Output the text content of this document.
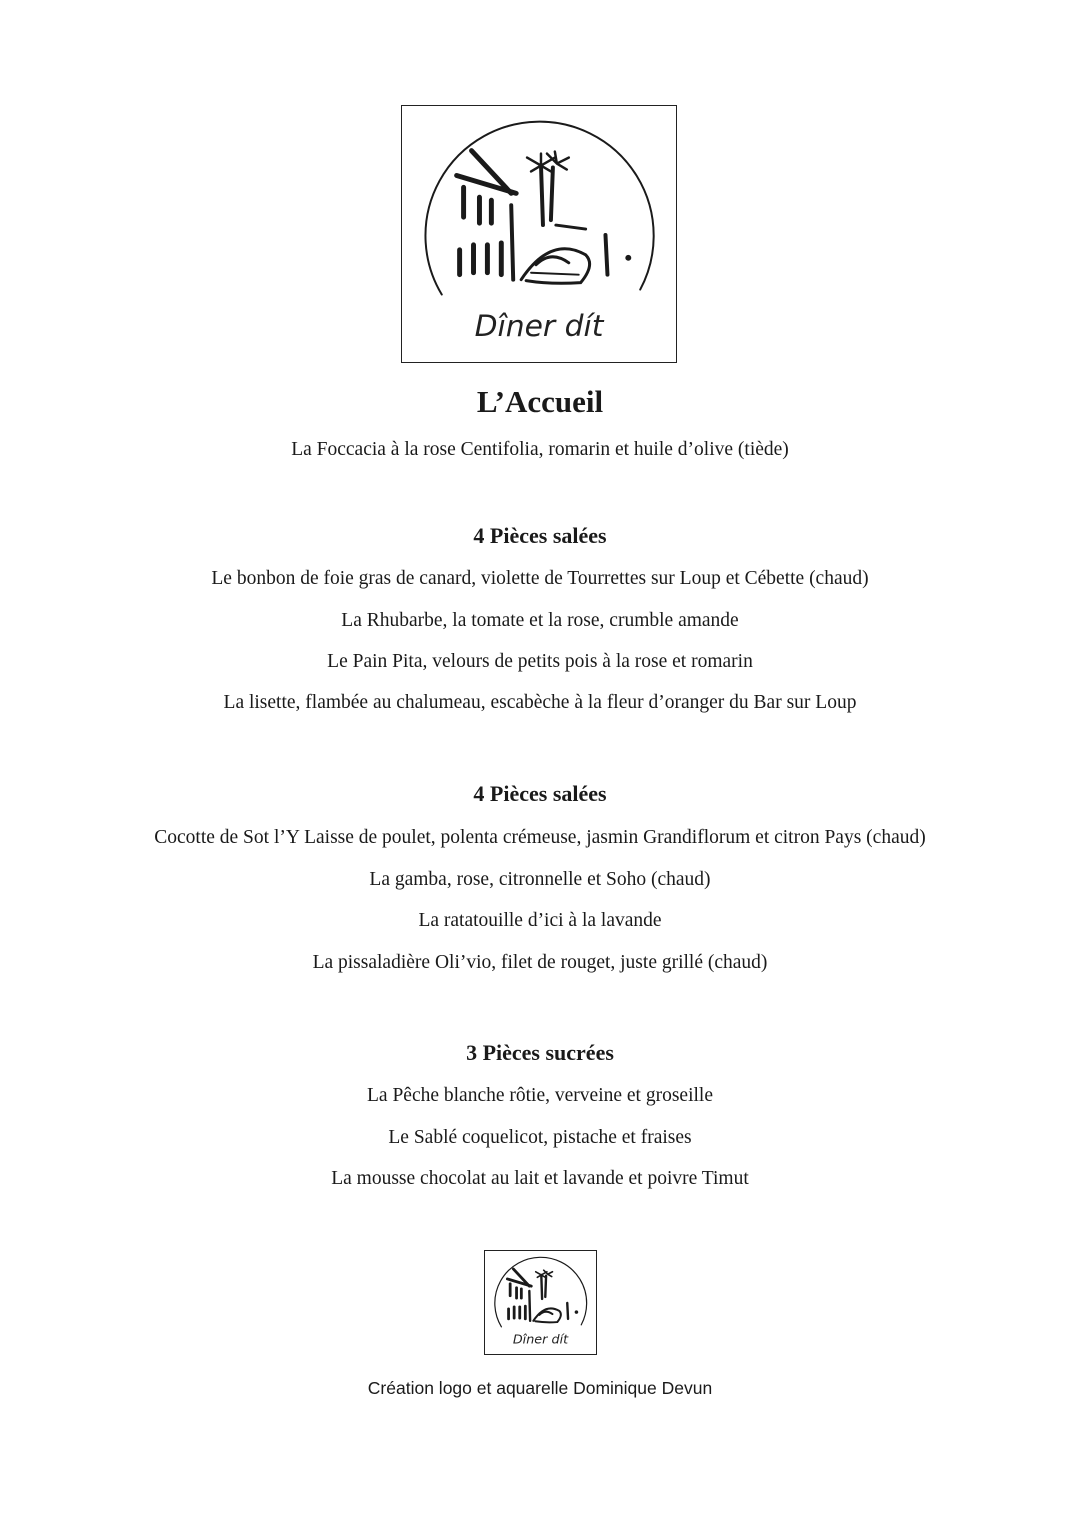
Dîner dít
L’Accueil
La Foccacia à la rose Centifolia, romarin et huile d’olive (tiède)
4 Pièces salées
Le bonbon de foie gras de canard, violette de Tourrettes sur Loup et Cébette (chaud)
La Rhubarbe, la tomate et la rose, crumble amande
Le Pain Pita, velours de petits pois à la rose et romarin
La lisette, flambée au chalumeau, escabèche à la fleur d’oranger du Bar sur Loup
4 Pièces salées
Cocotte de Sot l’Y Laisse de poulet, polenta crémeuse, jasmin Grandiflorum et citron Pays (chaud)
La gamba, rose, citronnelle et Soho (chaud)
La ratatouille d’ici à la lavande
La pissaladière Oli’vio, filet de rouget, juste grillé (chaud)
3 Pièces sucrées
La Pêche blanche rôtie, verveine et groseille
Le Sablé coquelicot, pistache et fraises
La mousse chocolat au lait et lavande et poivre Timut
Dîner dít
Création logo et aquarelle Dominique Devun
